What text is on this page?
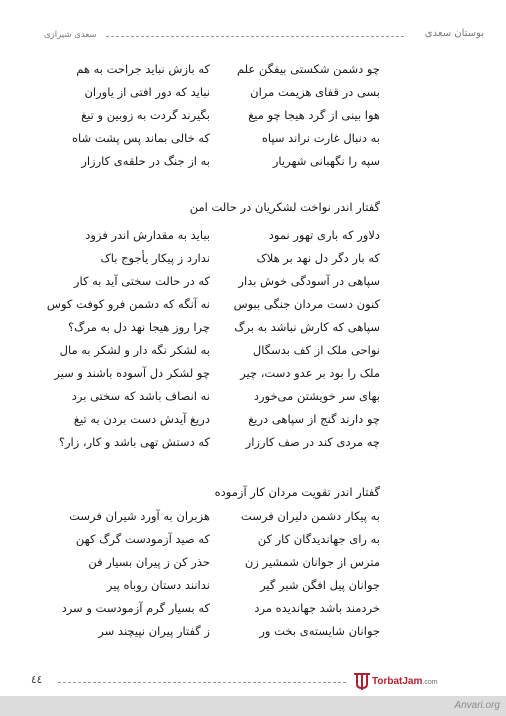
بوستان سعدی
سعدی شیرازی
چو دشمن شکستی بیفگن علم
که بازش نباید جراحت به هم
بسی در قفای هزیمت مران
نباید که دور افتی از یاوران
هوا بینی از گرد هیجا چو میغ
بگیرند گردت به زوبین و تیغ
به دنبال غارت نراند سپاه
که خالی بماند پس پشت شاه
سپه را نگهبانی شهریار
به از جنگ در حلقه‌ی کارزار
گفتار اندر نواخت لشکریان در حالت امن
دلاور که باری تهور نمود
بباید به مقدارش اندر فزود
که بار دگر دل نهد بر هلاک
ندارد ز پیکار یأجوج باک
سپاهی در آسودگی خوش بدار
که در حالت سختی آید به کار
کنون دست مردان جنگی ببوس
نه آنگه که دشمن فرو کوفت کوس
سپاهی که کارش نباشد به برگ
چرا روز هیجا نهد دل به مرگ؟
نواحی ملک از کف بدسگال
به لشکر نگه دار و لشکر به مال
ملک را بود بر عدو دست، چیر
چو لشکر دل آسوده باشند و سیر
بهای سر خویشتن می‌خورد
نه انصاف باشد که سختی برد
چو دارند گنج از سپاهی دریغ
دریغ آیدش دست بردن به تیغ
چه مردی کند در صف کارزار
که دستش تهی باشد و کار، زار؟
گفتار اندر تقویت مردان کار آزموده
به پیکار دشمن دلیران فرست
هزبران به آورد شیران فرست
به رای جهاندیدگان کار کن
که صید آزمودست گرگ کهن
مترس از جوانان شمشیر زن
حذر کن ز پیران بسیار فن
جوانان پیل افگن شیر گیر
ندانند دستان روباه پیر
خردمند باشد جهاندیده مرد
که بسیار گرم آزمودست و سرد
جوانان شایسته‌ی بخت ور
ز گفتار پیران نپیچند سر
٤٤	TorbatJam.com
Anvari.org
